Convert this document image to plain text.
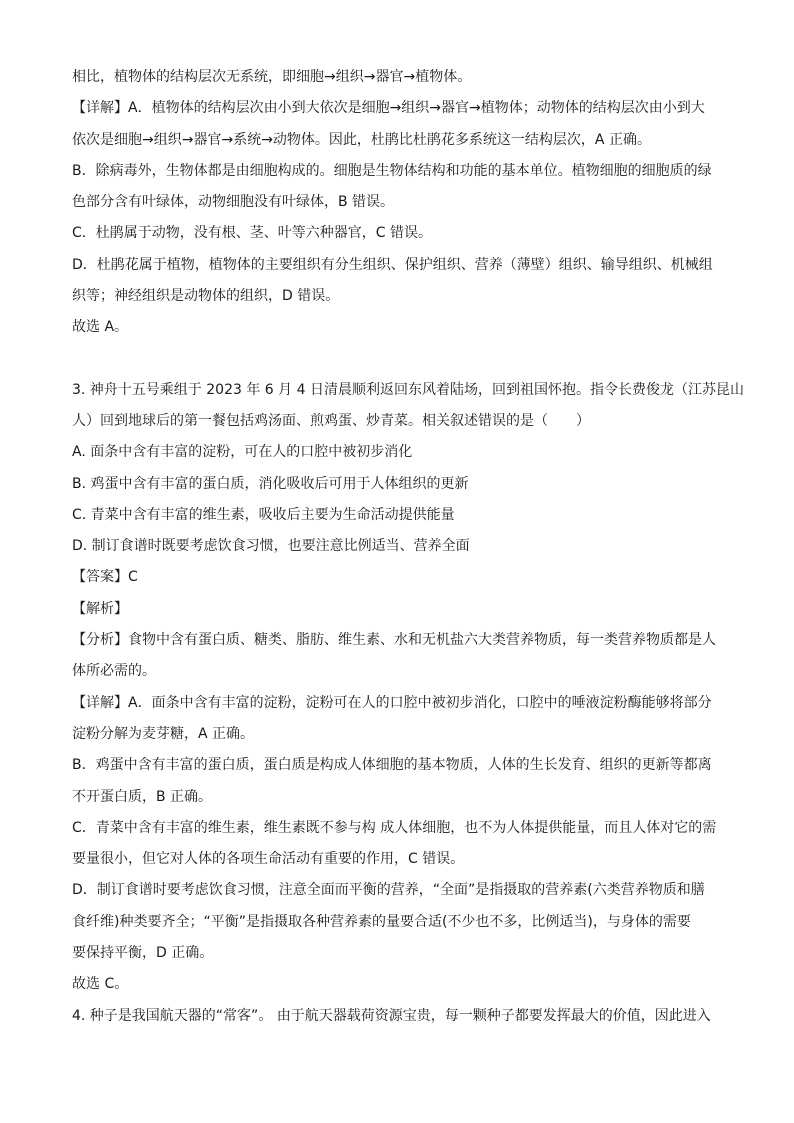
相比，植物体的结构层次无系统，即细胞→组织→器官→植物体。

【详解】A．植物体的结构层次由小到大依次是细胞→组织→器官→植物体；动物体的结构层次由小到大

依次是细胞→组织→器官→系统→动物体。因此，杜鹃比杜鹃花多系统这一结构层次，A 正确。

B．除病毒外，生物体都是由细胞构成的。细胞是生物体结构和功能的基本单位。植物细胞的细胞质的绿

色部分含有叶绿体，动物细胞没有叶绿体，B 错误。

C．杜鹃属于动物，没有根、茎、叶等六种器官，C 错误。

D．杜鹃花属于植物，植物体的主要组织有分生组织、保护组织、营养（薄壁）组织、输导组织、机械组

织等；神经组织是动物体的组织，D 错误。

故选 A。

3. 神舟十五号乘组于 2023 年 6 月 4 日清晨顺利返回东风着陆场，回到祖国怀抱。指令长费俊龙（江苏昆山

人）回到地球后的第一餐包括鸡汤面、煎鸡蛋、炒青菜。相关叙述错误的是（　　）

A. 面条中含有丰富的淀粉，可在人的口腔中被初步消化

B. 鸡蛋中含有丰富的蛋白质，消化吸收后可用于人体组织的更新

C. 青菜中含有丰富的维生素，吸收后主要为生命活动提供能量

D. 制订食谱时既要考虑饮食习惯，也要注意比例适当、营养全面

【答案】C

【解析】

【分析】食物中含有蛋白质、糖类、脂肪、维生素、水和无机盐六大类营养物质，每一类营养物质都是人

体所必需的。

【详解】A．面条中含有丰富的淀粉，淀粉可在人的口腔中被初步消化，口腔中的唾液淀粉酶能够将部分

淀粉分解为麦芽糖，A 正确。

B．鸡蛋中含有丰富的蛋白质，蛋白质是构成人体细胞的基本物质，人体的生长发育、组织的更新等都离

不开蛋白质，B 正确。

C．青菜中含有丰富的维生素，维生素既不参与构 成人体细胞，也不为人体提供能量，而且人体对它的需

要量很小，但它对人体的各项生命活动有重要的作用，C 错误。

D．制订食谱时要考虑饮食习惯，注意全面而平衡的营养，“全面”是指摄取的营养素(六类营养物质和膳

食纤维)种类要齐全；“平衡”是指摄取各种营养素的量要合适(不少也不多，比例适当)，与身体的需要

要保持平衡，D 正确。

故选 C。

4. 种子是我国航天器的“常客”。 由于航天器载荷资源宝贵，每一颗种子都要发挥最大的价值，因此进入
